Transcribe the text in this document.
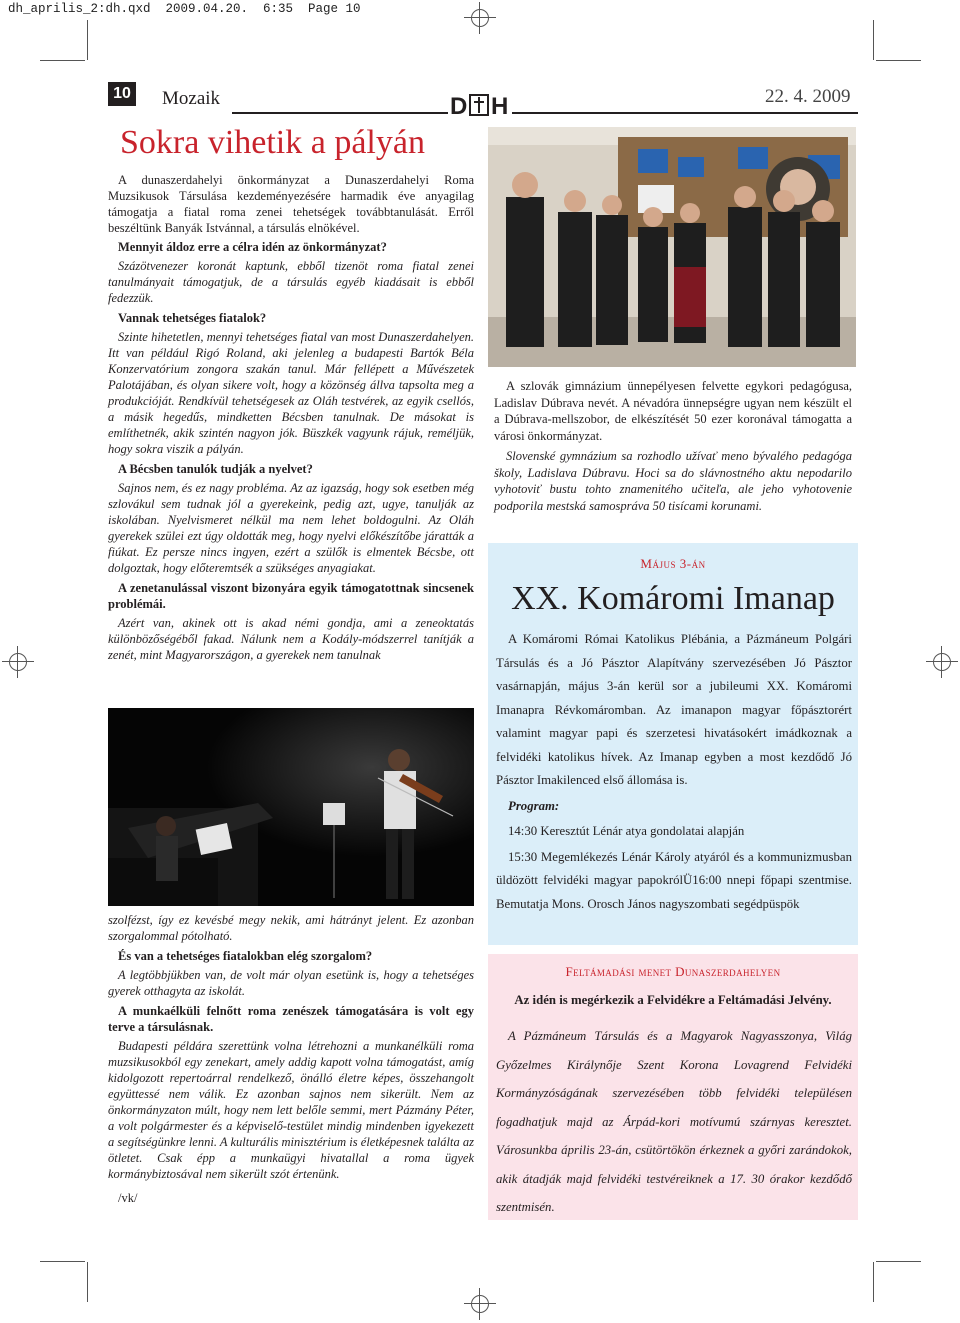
dh_aprilis_2:dh.qxd  2009.04.20.  6:35  Page 10
10 Mozaik	D H	22. 4. 2009
Sokra vihetik a pályán

A dunaszerdahelyi önkormányzat a Dunaszerdahelyi Roma Muzsikusok Társulása kezdeményezésére harmadik éve anyagilag támogatja a fiatal roma zenei tehetségek továbbtanulását. Erről beszéltünk Banyák Istvánnal, a társulás elnökével.

Mennyit áldoz erre a célra idén az önkormányzat?

Százötvenezer koronát kaptunk, ebből tizenöt roma fiatal zenei tanulmányait támogatjuk, de a társulás egyéb kiadásait is ebből fedezzük.

Vannak tehetséges fiatalok?

Szinte hihetetlen, mennyi tehetséges fiatal van most Dunaszerdahelyen. Itt van például Rigó Roland, aki jelenleg a budapesti Bartók Béla Konzervatórium zongora szakán tanul. Már fellépett a Művészetek Palotájában, és olyan sikere volt, hogy a közönség állva tapsolta meg a produkcióját. Rendkívül tehetségesek az Oláh testvérek, az egyik csellós, a másik hegedűs, mindketten Bécsben tanulnak. De másokat is említhetnék, akik szintén nagyon jók. Büszkék vagyunk rájuk, reméljük, hogy sokra viszik a pályán.

A Bécsben tanulók tudják a nyelvet?

Sajnos nem, és ez nagy probléma. Az az igazság, hogy sok esetben még szlovákul sem tudnak jól a gyerekeink, pedig azt, ugye, tanulják az iskolában. Nyelvismeret nélkül ma nem lehet boldogulni. Az Oláh gyerekek szülei ezt úgy oldották meg, hogy nyelvi előkészítőbe járatták a fiúkat. Ez persze nincs ingyen, ezért a szülők is elmentek Bécsbe, ott dolgoztak, hogy előteremtsék a szükséges anyagiakat.

A zenetanulással viszont bizonyára egyik támogatottnak sincsenek problémái.

Azért van, akinek ott is akad némi gondja, ami a zeneoktatás különbözőségéből fakad. Nálunk nem a Kodály-módszerrel tanítják a zenét, mint Magyarországon, a gyerekek nem tanulnak

szolfézst, így ez kevésbé megy nekik, ami hátrányt jelent. Ez azonban szorgalommal pótolható.

És van a tehetséges fiatalokban elég szorgalom?

A legtöbbjükben van, de volt már olyan esetünk is, hogy a tehetséges gyerek otthagyta az iskolát.

A munkaélküli felnőtt roma zenészek támogatására is volt egy terve a társulásnak.

Budapesti példára szerettünk volna létrehozni a munkanélküli roma muzsikusokból egy zenekart, amely addig kapott volna támogatást, amíg kidolgozott repertoárral rendelkező, önálló életre képes, összehangolt együttessé nem válik. Ez azonban sajnos nem sikerült. Nem az önkormányzaton múlt, hogy nem lett belőle semmi, mert Pázmány Péter, a volt polgármester és a képviselő-testület mindig mindenben igyekezett a segítségünkre lenni. A kulturális minisztérium is életképesnek találta az ötletet. Csak épp a munkaügyi hivatallal a roma ügyek kormánybiztosával nem sikerült szót értenünk.

/vk/

A szlovák gimnázium ünnepélyesen felvette egykori pedagógusa, Ladislav Dúbrava nevét. A névadóra ünnepségre ugyan nem készült el a Dúbrava-mellszobor, de elkészítését 50 ezer koronával támogatta a városi önkormányzat.

Slovenské gymnázium sa rozhodlo užívať meno bývalého pedagóga školy, Ladislava Dúbravu. Hoci sa do slávnostného aktu nepodarilo vyhotoviť bustu tohto znamenitého učiteľa, ale jeho vyhotovenie podporila mestská samospráva 50 tisícami korunami.

Május 3-án
XX. Komáromi Imanap

A Komáromi Római Katolikus Plébánia, a Pázmáneum Polgári Társulás és a Jó Pásztor Alapítvány szervezésében Jó Pásztor vasárnapján, május 3-án kerül sor a jubileumi XX. Komáromi Imanapra Révkomáromban. Az imanapon magyar főpásztorért valamint magyar papi és szerzetesi hivatásokért imádkoznak a felvidéki katolikus hívek. Az Imanap egyben a most kezdődő Jó Pásztor Imakilenced első állomása is.

Program:

14:30 Keresztút Lénár atya gondolatai alapján

15:30 Megemlékezés Lénár Károly atyáról és a kommunizmusban üldözött felvidéki magyar papokrólÜ16:00 nnepi főpapi szentmise. Bemutatja Mons. Orosch János nagyszombati segédpüspök

Feltámadási menet Dunaszerdahelyen
Az idén is megérkezik a Felvidékre a Feltámadási Jelvény.

A Pázmáneum Társulás és a Magyarok Nagyasszonya, Világ Győzelmes Királynője Szent Korona Lovagrend Felvidéki Kormányzóságának szervezésében több felvidéki településen fogadhatjuk majd az Árpád-kori motívumú szárnyas keresztet. Városunkba április 23-án, csütörtökön érkeznek a győri zarándokok, akik átadják majd felvidéki testvéreiknek a 17. 30 órakor kezdődő szentmisén.
